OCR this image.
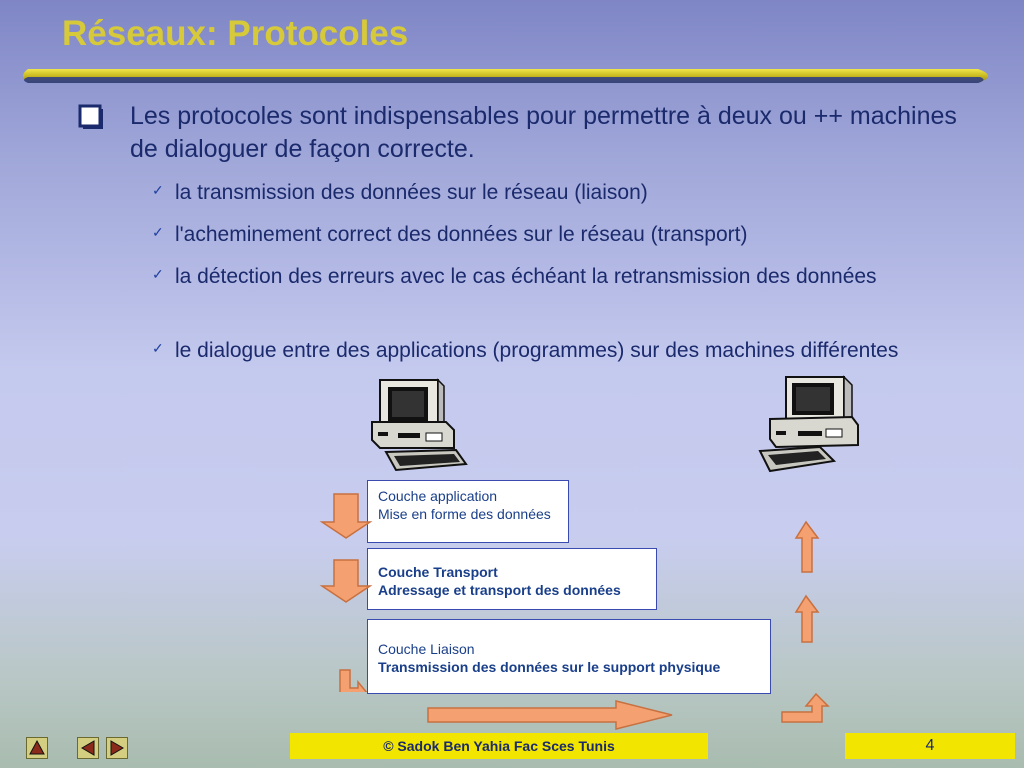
Réseaux: Protocoles
Les protocoles sont indispensables pour permettre à deux ou ++ machines de dialoguer de façon correcte.
✓ la transmission des données sur le réseau (liaison)
✓ l'acheminement correct des données sur le réseau (transport)
✓ la détection des erreurs avec le cas échéant la retransmission des données
✓ le dialogue entre des applications (programmes) sur des machines différentes
Couche application
Mise en forme des données
Couche Transport
Adressage et transport des données
Couche Liaison
Transmission des données sur le support physique
© Sadok Ben Yahia Fac Sces Tunis	4
